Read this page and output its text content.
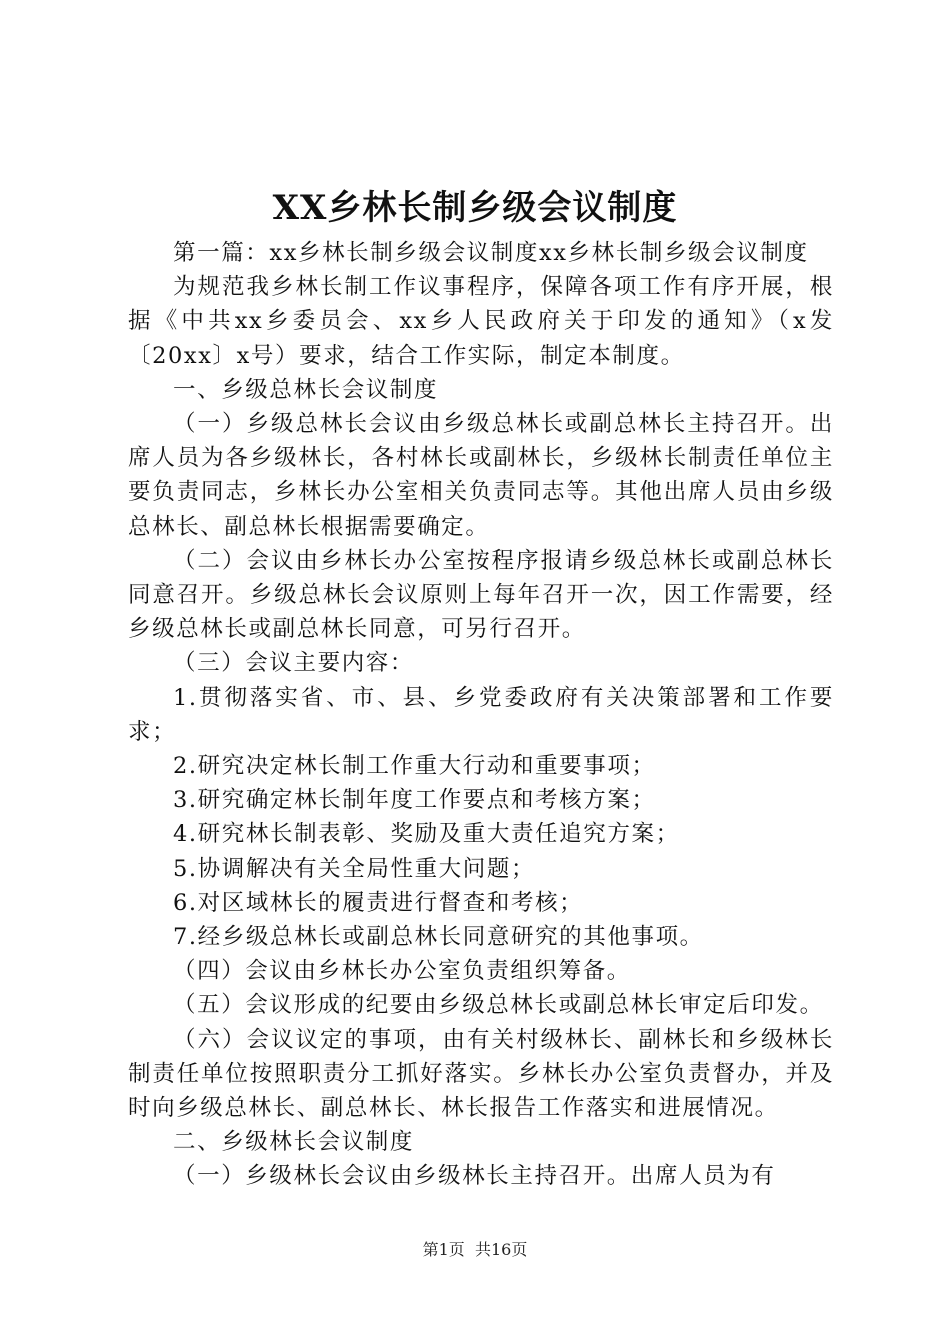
XX乡林长制乡级会议制度

第一篇：xx乡林长制乡级会议制度xx乡林长制乡级会议制度

为规范我乡林长制工作议事程序，保障各项工作有序开展，根据《中共xx乡委员会、xx乡人民政府关于印发的通知》（x发〔20xx〕x号）要求，结合工作实际，制定本制度。

一、乡级总林长会议制度

（一）乡级总林长会议由乡级总林长或副总林长主持召开。出席人员为各乡级林长，各村林长或副林长，乡级林长制责任单位主要负责同志，乡林长办公室相关负责同志等。其他出席人员由乡级总林长、副总林长根据需要确定。

（二）会议由乡林长办公室按程序报请乡级总林长或副总林长同意召开。乡级总林长会议原则上每年召开一次，因工作需要，经乡级总林长或副总林长同意，可另行召开。

（三）会议主要内容：

1.贯彻落实省、市、县、乡党委政府有关决策部署和工作要求；

2.研究决定林长制工作重大行动和重要事项；

3.研究确定林长制年度工作要点和考核方案；

4.研究林长制表彰、奖励及重大责任追究方案；

5.协调解决有关全局性重大问题；

6.对区域林长的履责进行督查和考核；

7.经乡级总林长或副总林长同意研究的其他事项。

（四）会议由乡林长办公室负责组织筹备。

（五）会议形成的纪要由乡级总林长或副总林长审定后印发。

（六）会议议定的事项，由有关村级林长、副林长和乡级林长制责任单位按照职责分工抓好落实。乡林长办公室负责督办，并及时向乡级总林长、副总林长、林长报告工作落实和进展情况。

二、乡级林长会议制度

（一）乡级林长会议由乡级林长主持召开。出席人员为有

第1页 共16页
